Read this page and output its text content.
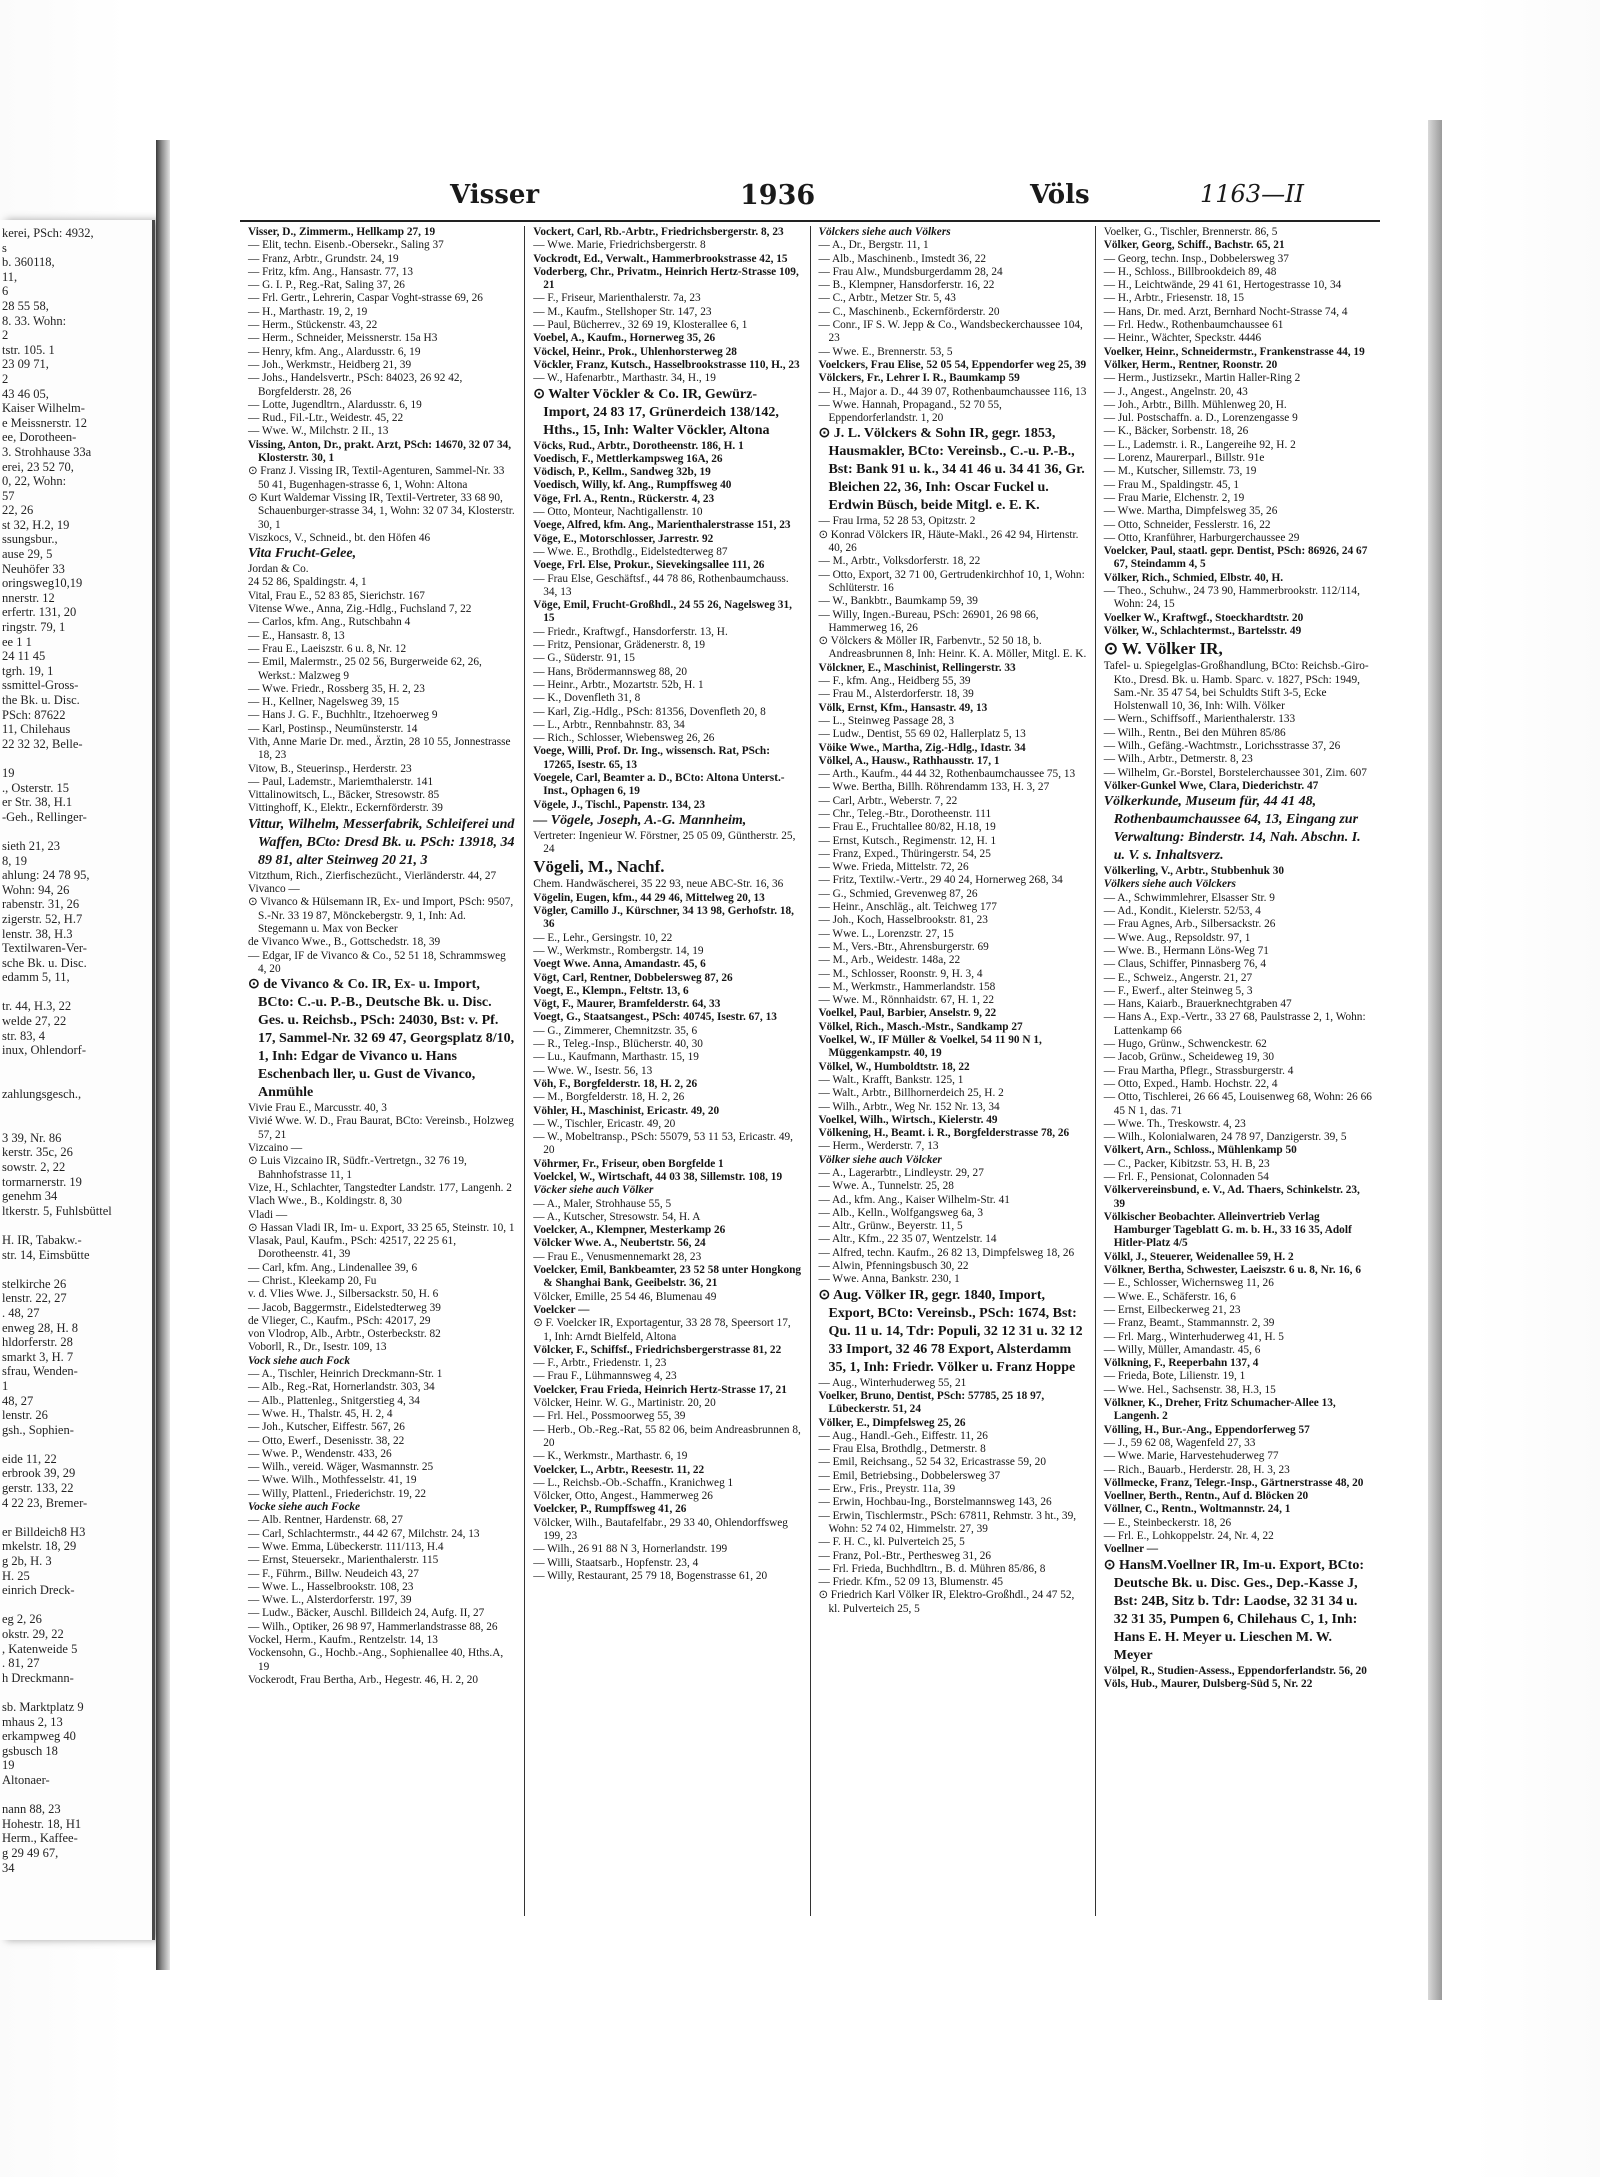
kerei, PSch: 4932,
s
b. 360118,
11,
6
28 55 58,
8. 33. Wohn:
2
tstr. 105. 1
23 09 71,
2
43 46 05,
Kaiser Wilhelm-
e Meissnerstr. 12
ee, Dorotheen-
3. Strohhause 33a
erei, 23 52 70,
0, 22, Wohn:
57
22, 26
st 32, H.2, 19
ssungsbur.,
ause 29, 5
Neuhöfer 33
oringsweg10,19
nnerstr. 12
erfertr. 131, 20
ringstr. 79, 1
ee 1 1
24 11 45
tgrh. 19, 1
ssmittel-Gross-
the Bk. u. Disc.
PSch: 87622
11, Chilehaus
22 32 32, Belle-

19
., Osterstr. 15
er Str. 38, H.1
-Geh., Rellinger-

sieth 21, 23
8, 19
ahlung: 24 78 95,
Wohn: 94, 26
rabenstr. 31, 26
zigerstr. 52, H.7
lenstr. 38, H.3
Textilwaren-Ver-
sche Bk. u. Disc.
edamm 5, 11,

tr. 44, H.3, 22
welde 27, 22
str. 83, 4
inux, Ohlendorf-

zahlungsgesch.,

3 39, Nr. 86
kerstr. 35c, 26
sowstr. 2, 22
tormarnerstr. 19
genehm 34
ltkerstr. 5, Fuhlsbüttel

H. IR, Tabakw.-
str. 14, Eimsbütte

stelkirche 26
lenstr. 22, 27
. 48, 27
enweg 28, H. 8
hldorferstr. 28
smarkt 3, H. 7
sfrau, Wenden-
1
48, 27
lenstr. 26
gsh., Sophien-

eide 11, 22
erbrook 39, 29
gerstr. 133, 22
4 22 23, Bremer-

er Billdeich8 H3
mkelstr. 18, 29
g 2b, H. 3
H. 25
einrich Dreck-

eg 2, 26
okstr. 29, 22
, Katenweide 5
. 81, 27
h Dreckmann-

sb. Marktplatz 9
mhaus 2, 13
erkampweg 40
gsbusch 18
19
Altonaer-

nann 88, 23
Hohestr. 18, H1
Herm., Kaffee-
g 29 49 67,
34
Visser	1936	Völs	1163—II
Visser, D., Zimmerm., Hellkamp 27, 19
— Elit, techn. Eisenb.-Obersekr., Saling 37
— Franz, Arbtr., Grundstr. 24, 19
— Fritz, kfm. Ang., Hansastr. 77, 13
— G. I. P., Reg.-Rat, Saling 37, 26
— Frl. Gertr., Lehrerin, Caspar Voght-strasse 69, 26
— H., Marthastr. 19, 2, 19
— Herm., Stückenstr. 43, 22
— Herm., Schneider, Meissnerstr. 15a H3
— Henry, kfm. Ang., Alardusstr. 6, 19
— Joh., Werkmstr., Heidberg 21, 39
— Johs., Handelsvertr., PSch: 84023, 26 92 42, Borgfelderstr. 28, 26
— Lotte, Jugendltrn., Alardusstr. 6, 19
— Rud., Fil.-Ltr., Weidestr. 45, 22
— Wwe. W., Milchstr. 2 II., 13
Vissing, Anton, Dr., prakt. Arzt, PSch: 14670, 32 07 34, Klosterstr. 30, 1
⊙ Franz J. Vissing IR, Textil-Agenturen, Sammel-Nr. 33 50 41, Bugenhagen-strasse 6, 1, Wohn: Altona
⊙ Kurt Waldemar Vissing IR, Textil-Vertreter, 33 68 90, Schauenburger-strasse 34, 1, Wohn: 32 07 34, Klosterstr. 30, 1
Viszkocs, V., Schneid., bt. den Höfen 46
Vita Frucht-Gelee,
Jordan & Co.
24 52 86, Spaldingstr. 4, 1
Vital, Frau E., 52 83 85, Sierichstr. 167
Vitense Wwe., Anna, Zig.-Hdlg., Fuchsland 7, 22
— Carlos, kfm. Ang., Rutschbahn 4
— E., Hansastr. 8, 13
— Frau E., Laeiszstr. 6 u. 8, Nr. 12
— Emil, Malermstr., 25 02 56, Burgerweide 62, 26, Werkst.: Malzweg 9
— Wwe. Friedr., Rossberg 35, H. 2, 23
— H., Kellner, Nagelsweg 39, 15
— Hans J. G. F., Buchhltr., Itzehoerweg 9
— Karl, Postinsp., Neumünsterstr. 14
Vith, Anne Marie Dr. med., Ärztin, 28 10 55, Jonnestrasse 18, 23
Vitow, B., Steuerinsp., Herderstr. 23
— Paul, Lademstr., Mariemthalerstr. 141
Vittalinowitsch, L., Bäcker, Stresowstr. 85
Vittinghoff, K., Elektr., Eckernförderstr. 39
Vittur, Wilhelm, Messerfabrik, Schleiferei und Waffen, BCto: Dresd Bk. u. PSch: 13918, 34 89 81, alter Steinweg 20 21, 3
Vitzthum, Rich., Zierfischezücht., Vierländerstr. 44, 27
Vivanco —
⊙ Vivanco & Hülsemann IR, Ex- und Import, PSch: 9507, S.-Nr. 33 19 87, Mönckebergstr. 9, 1, Inh: Ad. Stegemann u. Max von Becker
de Vivanco Wwe., B., Gottschedstr. 18, 39
— Edgar, IF de Vivanco & Co., 52 51 18, Schrammsweg 4, 20
⊙ de Vivanco & Co. IR, Ex- u. Import, BCto: C.-u. P.-B., Deutsche Bk. u. Disc. Ges. u. Reichsb., PSch: 24030, Bst: v. Pf. 17, Sammel-Nr. 32 69 47, Georgsplatz 8/10, 1, Inh: Edgar de Vivanco u. Hans Eschenbach ller, u. Gust de Vivanco, Anmühle
Vivie Frau E., Marcusstr. 40, 3
Vivié Wwe. W. D., Frau Baurat, BCto: Vereinsb., Holzweg 57, 21
Vizcaino —
⊙ Luis Vizcaino IR, Südfr.-Vertretgn., 32 76 19, Bahnhofstrasse 11, 1
Vize, H., Schlachter, Tangstedter Landstr. 177, Langenh. 2
Vlach Wwe., B., Koldingstr. 8, 30
Vladi —
⊙ Hassan Vladi IR, Im- u. Export, 33 25 65, Steinstr. 10, 1
Vlasak, Paul, Kaufm., PSch: 42517, 22 25 61, Dorotheenstr. 41, 39
— Carl, kfm. Ang., Lindenallee 39, 6
— Christ., Kleekamp 20, Fu
v. d. Vlies Wwe. J., Silbersackstr. 50, H. 6
— Jacob, Baggermstr., Eidelstedterweg 39
de Vlieger, C., Kaufm., PSch: 42017, 29
von Vlodrop, Alb., Arbtr., Osterbeckstr. 82
Voborll, R., Dr., Isestr. 109, 13
Vock siehe auch Fock
— A., Tischler, Heinrich Dreckmann-Str. 1
— Alb., Reg.-Rat, Hornerlandstr. 303, 34
— Alb., Plattenleg., Snitgerstieg 4, 34
— Wwe. H., Thalstr. 45, H. 2, 4
— Joh., Kutscher, Eiffestr. 567, 26
— Otto, Ewerf., Desenisstr. 38, 22
— Wwe. P., Wendenstr. 433, 26
— Wilh., vereid. Wäger, Wasmannstr. 25
— Wwe. Wilh., Mothfesselstr. 41, 19
— Willy, Plattenl., Friederichstr. 19, 22
Vocke siehe auch Focke
— Alb. Rentner, Hardenstr. 68, 27
— Carl, Schlachtermstr., 44 42 67, Milchstr. 24, 13
— Wwe. Emma, Lübeckerstr. 111/113, H.4
— Ernst, Steuersekr., Marienthalerstr. 115
— F., Führm., Billw. Neudeich 43, 27
— Wwe. L., Hasselbrookstr. 108, 23
— Wwe. L., Alsterdorferstr. 197, 39
— Ludw., Bäcker, Auschl. Billdeich 24, Aufg. II, 27
— Wilh., Optiker, 26 98 97, Hammerlandstrasse 88, 26
Vockel, Herm., Kaufm., Rentzelstr. 14, 13
Vockensohn, G., Hochb.-Ang., Sophienallee 40, Hths.A, 19
Vockerodt, Frau Bertha, Arb., Hegestr. 46, H. 2, 20
Vockert, Carl, Rb.-Arbtr., Friedrichsbergerstr. 8, 23
— Wwe. Marie, Friedrichsbergerstr. 8
Vockrodt, Ed., Verwalt., Hammerbrookstrasse 42, 15
Voderberg, Chr., Privatm., Heinrich Hertz-Strasse 109, 21
— F., Friseur, Marienthalerstr. 7a, 23
— M., Kaufm., Stellshoper Str. 147, 23
— Paul, Bücherrev., 32 69 19, Klosterallee 6, 1
Voebel, A., Kaufm., Hornerweg 35, 26
Vöckel, Heinr., Prok., Uhlenhorsterweg 28
Vöckler, Franz, Kutsch., Hasselbrookstrasse 110, H., 23
— W., Hafenarbtr., Marthastr. 34, H., 19
⊙ Walter Vöckler & Co. IR, Gewürz-Import, 24 83 17, Grünerdeich 138/142, Hths., 15, Inh: Walter Vöckler, Altona
Vöcks, Rud., Arbtr., Dorotheenstr. 186, H. 1
Voedisch, F., Mettlerkampsweg 16A, 26
Vödisch, P., Kellm., Sandweg 32b, 19
Voedisch, Willy, kf. Ang., Rumpffsweg 40
Vöge, Frl. A., Rentn., Rückerstr. 4, 23
— Otto, Monteur, Nachtigallenstr. 10
Voege, Alfred, kfm. Ang., Marienthalerstrasse 151, 23
Vöge, E., Motorschlosser, Jarrestr. 92
— Wwe. E., Brothdlg., Eidelstedterweg 87
Voege, Frl. Else, Prokur., Sievekingsallee 111, 26
— Frau Else, Geschäftsf., 44 78 86, Rothenbaumchauss. 34, 13
Vöge, Emil, Frucht-Großhdl., 24 55 26, Nagelsweg 31, 15
— Friedr., Kraftwgf., Hansdorferstr. 13, H.
— Fritz, Pensionar, Grädenerstr. 8, 19
— G., Süderstr. 91, 15
— Hans, Brödermannsweg 88, 20
— Heinr., Arbtr., Mozartstr. 52b, H. 1
— K., Dovenfleth 31, 8
— Karl, Zig.-Hdlg., PSch: 81356, Dovenfleth 20, 8
— L., Arbtr., Rennbahnstr. 83, 34
— Rich., Schlosser, Wiebensweg 26, 26
Voege, Willi, Prof. Dr. Ing., wissensch. Rat, PSch: 17265, Isestr. 65, 13
Voegele, Carl, Beamter a. D., BCto: Altona Unterst.-Inst., Ophagen 6, 19
Vögele, J., Tischl., Papenstr. 134, 23
— Vögele, Joseph, A.-G. Mannheim,
Vertreter: Ingenieur W. Förstner, 25 05 09, Güntherstr. 25, 24
Vögeli, M., Nachf.
Chem. Handwäscherei, 35 22 93, neue ABC-Str. 16, 36
Vögelin, Eugen, kfm., 44 29 46, Mittelweg 20, 13
Vögler, Camillo J., Kürschner, 34 13 98, Gerhofstr. 18, 36
— E., Lehr., Gersingstr. 10, 22
— W., Werkmstr., Rombergstr. 14, 19
Voegt Wwe. Anna, Amandastr. 45, 6
Vögt, Carl, Rentner, Dobbelersweg 87, 26
Voegt, E., Klempn., Feltstr. 13, 6
Vögt, F., Maurer, Bramfelderstr. 64, 33
Voegt, G., Staatsangest., PSch: 40745, Isestr. 67, 13
— G., Zimmerer, Chemnitzstr. 35, 6
— R., Teleg.-Insp., Blücherstr. 40, 30
— Lu., Kaufmann, Marthastr. 15, 19
— Wwe. W., Isestr. 56, 13
Vöh, F., Borgfelderstr. 18, H. 2, 26
— M., Borgfelderstr. 18, H. 2, 26
Vöhler, H., Maschinist, Ericastr. 49, 20
— W., Tischler, Ericastr. 49, 20
— W., Mobeltransp., PSch: 55079, 53 11 53, Ericastr. 49, 20
Vöhrmer, Fr., Friseur, oben Borgfelde 1
Voelckel, W., Wirtschaft, 44 03 38, Sillemstr. 108, 19
Vöcker siehe auch Völker
— A., Maler, Strohhause 55, 5
— A., Kutscher, Stresowstr. 54, H. A
Voelcker, A., Klempner, Mesterkamp 26
Völcker Wwe. A., Neubertstr. 56, 24
— Frau E., Venusmennemarkt 28, 23
Voelcker, Emil, Bankbeamter, 23 52 58 unter Hongkong & Shanghai Bank, Geeibelstr. 36, 21
Völcker, Emille, 25 54 46, Blumenau 49
Voelcker —
⊙ F. Voelcker IR, Exportagentur, 33 28 78, Speersort 17, 1, Inh: Arndt Bielfeld, Altona
Völcker, F., Schiffsf., Friedrichsbergerstrasse 81, 22
— F., Arbtr., Friedenstr. 1, 23
— Frau F., Lühmannsweg 4, 23
Voelcker, Frau Frieda, Heinrich Hertz-Strasse 17, 21
Völcker, Heinr. W. G., Martinistr. 20, 20
— Frl. Hel., Possmoorweg 55, 39
— Herb., Ob.-Reg.-Rat, 55 82 06, beim Andreasbrunnen 8, 20
— K., Werkmstr., Marthastr. 6, 19
Voelcker, L., Arbtr., Reesestr. 11, 22
— L., Reichsb.-Ob.-Schaffn., Kranichweg 1
Völcker, Otto, Angest., Hammerweg 26
Voelcker, P., Rumpffsweg 41, 26
Völcker, Wilh., Bautafelfabr., 29 33 40, Ohlendorffsweg 199, 23
— Wilh., 26 91 88 N 3, Hornerlandstr. 199
— Willi, Staatsarb., Hopfenstr. 23, 4
— Willy, Restaurant, 25 79 18, Bogenstrasse 61, 20
Völckers siehe auch Völkers
— A., Dr., Bergstr. 11, 1
— Alb., Maschinenb., Imstedt 36, 22
— Frau Alw., Mundsburgerdamm 28, 24
— B., Klempner, Hansdorferstr. 16, 22
— C., Arbtr., Metzer Str. 5, 43
— C., Maschinenb., Eckernförderstr. 20
— Conr., IF S. W. Jepp & Co., Wandsbeckerchaussee 104, 23
— Wwe. E., Brennerstr. 53, 5
Voelckers, Frau Elise, 52 05 54, Eppendorfer weg 25, 39
Völckers, Fr., Lehrer I. R., Baumkamp 59
— H., Major a. D., 44 39 07, Rothenbaumchaussee 116, 13
— Wwe. Hannah, Propagand., 52 70 55, Eppendorferlandstr. 1, 20
⊙ J. L. Völckers & Sohn IR, gegr. 1853, Hausmakler, BCto: Vereinsb., C.-u. P.-B., Bst: Bank 91 u. k., 34 41 46 u. 34 41 36, Gr. Bleichen 22, 36, Inh: Oscar Fuckel u. Erdwin Büsch, beide Mitgl. e. E. K.
— Frau Irma, 52 28 53, Opitzstr. 2
⊙ Konrad Völckers IR, Häute-Makl., 26 42 94, Hirtenstr. 40, 26
— M., Arbtr., Volksdorferstr. 18, 22
— Otto, Export, 32 71 00, Gertrudenkirchhof 10, 1, Wohn: Schlüterstr. 16
— W., Bankbtr., Baumkamp 59, 39
— Willy, Ingen.-Bureau, PSch: 26901, 26 98 66, Hammerweg 16, 26
⊙ Völckers & Möller IR, Farbenvtr., 52 50 18, b. Andreasbrunnen 8, Inh: Heinr. K. A. Möller, Mitgl. E. K.
Völckner, E., Maschinist, Rellingerstr. 33
— F., kfm. Ang., Heidberg 55, 39
— Frau M., Alsterdorferstr. 18, 39
Völk, Ernst, Kfm., Hansastr. 49, 13
— L., Steinweg Passage 28, 3
— Ludw., Dentist, 55 69 02, Hallerplatz 5, 13
Vöike Wwe., Martha, Zig.-Hdlg., Idastr. 34
Völkel, A., Hausw., Rathhausstr. 17, 1
— Arth., Kaufm., 44 44 32, Rothenbaumchaussee 75, 13
— Wwe. Bertha, Billh. Röhrendamm 133, H. 3, 27
— Carl, Arbtr., Weberstr. 7, 22
— Chr., Teleg.-Btr., Dorotheenstr. 111
— Frau E., Fruchtallee 80/82, H.18, 19
— Ernst, Kutsch., Regimenstr. 12, H. 1
— Franz, Exped., Thüringerstr. 54, 25
— Wwe. Frieda, Mittelstr. 72, 26
— Fritz, Textilw.-Vertr., 29 40 24, Hornerweg 268, 34
— G., Schmied, Grevenweg 87, 26
— Heinr., Anschläg., alt. Teichweg 177
— Joh., Koch, Hasselbrookstr. 81, 23
— Wwe. L., Lorenzstr. 27, 15
— M., Vers.-Btr., Ahrensburgerstr. 69
— M., Arb., Weidestr. 148a, 22
— M., Schlosser, Roonstr. 9, H. 3, 4
— M., Werkmstr., Hammerlandstr. 158
— Wwe. M., Rönnhaidstr. 67, H. 1, 22
Voelkel, Paul, Barbier, Anselstr. 9, 22
Völkel, Rich., Masch.-Mstr., Sandkamp 27
Voelkel, W., IF Müller & Voelkel, 54 11 90 N 1, Müggenkampstr. 40, 19
Völkel, W., Humboldtstr. 18, 22
— Walt., Krafft, Bankstr. 125, 1
— Walt., Arbtr., Billhornerdeich 25, H. 2
— Wilh., Arbtr., Weg Nr. 152 Nr. 13, 34
Voelkel, Wilh., Wirtsch., Kielerstr. 49
Völkening, H., Beamt. i. R., Borgfelderstrasse 78, 26
— Herm., Werderstr. 7, 13
Völker siehe auch Völcker
— A., Lagerarbtr., Lindleystr. 29, 27
— Wwe. A., Tunnelstr. 25, 28
— Ad., kfm. Ang., Kaiser Wilhelm-Str. 41
— Alb., Kelln., Wolfgangsweg 6a, 3
— Altr., Grünw., Beyerstr. 11, 5
— Altr., Kfm., 22 35 07, Wentzelstr. 14
— Alfred, techn. Kaufm., 26 82 13, Dimpfelsweg 18, 26
— Alwin, Pfenningsbusch 30, 22
— Wwe. Anna, Bankstr. 230, 1
⊙ Aug. Völker IR, gegr. 1840, Import, Export, BCto: Vereinsb., PSch: 1674, Bst: Qu. 11 u. 14, Tdr: Populi, 32 12 31 u. 32 12 33 Import, 32 46 78 Export, Alsterdamm 35, 1, Inh: Friedr. Völker u. Franz Hoppe
— Aug., Winterhuderweg 55, 21
Voelker, Bruno, Dentist, PSch: 57785, 25 18 97, Lübeckerstr. 51, 24
Völker, E., Dimpfelsweg 25, 26
— Aug., Handl.-Geh., Eiffestr. 11, 26
— Frau Elsa, Brothdlg., Detmerstr. 8
— Emil, Reichsang., 52 54 32, Ericastrasse 59, 20
— Emil, Betriebsing., Dobbelersweg 37
— Erw., Fris., Preystr. 11a, 39
— Erwin, Hochbau-Ing., Borstelmannsweg 143, 26
— Erwin, Tischlermstr., PSch: 67811, Rehmstr. 3 ht., 39, Wohn: 52 74 02, Himmelstr. 27, 39
— F. H. C., kl. Pulverteich 25, 5
— Franz, Pol.-Btr., Perthesweg 31, 26
— Frl. Frieda, Buchhdltrn., B. d. Mühren 85/86, 8
— Friedr. Kfm., 52 09 13, Blumenstr. 45
⊙ Friedrich Karl Völker IR, Elektro-Großhdl., 24 47 52, kl. Pulverteich 25, 5
Voelker, G., Tischler, Brennerstr. 86, 5
Völker, Georg, Schiff., Bachstr. 65, 21
— Georg, techn. Insp., Dobbelersweg 37
— H., Schloss., Billbrookdeich 89, 48
— H., Leichtwände, 29 41 61, Hertogestrasse 10, 34
— H., Arbtr., Friesenstr. 18, 15
— Hans, Dr. med. Arzt, Bernhard Nocht-Strasse 74, 4
— Frl. Hedw., Rothenbaumchaussee 61
— Heinr., Wächter, Speckstr. 4446
Voelker, Heinr., Schneidermstr., Frankenstrasse 44, 19
Völker, Herm., Rentner, Roonstr. 20
— Herm., Justizsekr., Martin Haller-Ring 2
— J., Angest., Angelnstr. 20, 43
— Joh., Arbtr., Billh. Mühlenweg 20, H.
— Jul. Postschaffn. a. D., Lorenzengasse 9
— K., Bäcker, Sorbenstr. 18, 26
— L., Lademstr. i. R., Langereihe 92, H. 2
— Lorenz, Maurerparl., Billstr. 91e
— M., Kutscher, Sillemstr. 73, 19
— Frau M., Spaldingstr. 45, 1
— Frau Marie, Elchenstr. 2, 19
— Wwe. Martha, Dimpfelsweg 35, 26
— Otto, Schneider, Fesslerstr. 16, 22
— Otto, Kranführer, Harburgerchaussee 29
Voelcker, Paul, staatl. gepr. Dentist, PSch: 86926, 24 67 67, Steindamm 4, 5
Völker, Rich., Schmied, Elbstr. 40, H.
— Theo., Schuhw., 24 73 90, Hammerbrookstr. 112/114, Wohn: 24, 15
Voelker W., Kraftwgf., Stoeckhardtstr. 20
Völker, W., Schlachtermst., Bartelsstr. 49
⊙ W. Völker IR,
Tafel- u. Spiegelglas-Großhandlung, BCto: Reichsb.-Giro-Kto., Dresd. Bk. u. Hamb. Sparc. v. 1827, PSch: 1949, Sam.-Nr. 35 47 54, bei Schuldts Stift 3-5, Ecke Holstenwall 10, 36, Inh: Wilh. Völker
— Wern., Schiffsoff., Marienthalerstr. 133
— Wilh., Rentn., Bei den Mühren 85/86
— Wilh., Gefäng.-Wachtmstr., Lorichsstrasse 37, 26
— Wilh., Arbtr., Detmerstr. 8, 23
— Wilhelm, Gr.-Borstel, Borstelerchaussee 301, Zim. 607
Völker-Gunkel Wwe, Clara, Diederichstr. 47
Völkerkunde, Museum für, 44 41 48, Rothenbaumchaussee 64, 13, Eingang zur Verwaltung: Binderstr. 14, Nah. Abschn. I. u. V. s. Inhaltsverz.
Völkerling, V., Arbtr., Stubbenhuk 30
Völkers siehe auch Völckers
— A., Schwimmlehrer, Elsasser Str. 9
— Ad., Kondit., Kielerstr. 52/53, 4
— Frau Agnes, Arb., Silbersackstr. 26
— Wwe. Aug., Repsoldstr. 97, 1
— Wwe. B., Hermann Löns-Weg 71
— Claus, Schiffer, Pinnasberg 76, 4
— E., Schweiz., Angerstr. 21, 27
— F., Ewerf., alter Steinweg 5, 3
— Hans, Kaiarb., Brauerknechtgraben 47
— Hans A., Exp.-Vertr., 33 27 68, Paulstrasse 2, 1, Wohn: Lattenkamp 66
— Hugo, Grünw., Schwenckestr. 62
— Jacob, Grünw., Scheideweg 19, 30
— Frau Martha, Pflegr., Strassburgerstr. 4
— Otto, Exped., Hamb. Hochstr. 22, 4
— Otto, Tischlerei, 26 66 45, Louisenweg 68, Wohn: 26 66 45 N 1, das. 71
— Wwe. Th., Treskowstr. 4, 23
— Wilh., Kolonialwaren, 24 78 97, Danzigerstr. 39, 5
Völkert, Arn., Schloss., Mühlenkamp 50
— C., Packer, Kibitzstr. 53, H. B, 23
— Frl. F., Pensionat, Colonnaden 54
Völkervereinsbund, e. V., Ad. Thaers, Schinkelstr. 23, 39
Völkischer Beobachter. Alleinvertrieb Verlag Hamburger Tageblatt G. m. b. H., 33 16 35, Adolf Hitler-Platz 4/5
Völkl, J., Steuerer, Weidenallee 59, H. 2
Völkner, Bertha, Schwester, Laeiszstr. 6 u. 8, Nr. 16, 6
— E., Schlosser, Wichernsweg 11, 26
— Wwe. E., Schäferstr. 16, 6
— Ernst, Eilbeckerweg 21, 23
— Franz, Beamt., Stammannstr. 2, 39
— Frl. Marg., Winterhuderweg 41, H. 5
— Willy, Müller, Amandastr. 45, 6
Völkning, F., Reeperbahn 137, 4
— Frieda, Bote, Lilienstr. 19, 1
— Wwe. Hel., Sachsenstr. 38, H.3, 15
Völkner, K., Dreher, Fritz Schumacher-Allee 13, Langenh. 2
Völling, H., Bur.-Ang., Eppendorferweg 57
— J., 59 62 08, Wagenfeld 27, 33
— Wwe. Marie, Harvestehuderweg 77
— Rich., Bauarb., Herderstr. 28, H. 3, 23
Völlmecke, Franz, Telegr.-Insp., Gärtnerstrasse 48, 20
Voellner, Berth., Rentn., Auf d. Blöcken 20
Völlner, C., Rentn., Woltmannstr. 24, 1
— E., Steinbeckerstr. 18, 26
— Frl. E., Lohkoppelstr. 24, Nr. 4, 22
Voellner —
⊙ HansM.Voellner IR, Im-u. Export, BCto: Deutsche Bk. u. Disc. Ges., Dep.-Kasse J, Bst: 24B, Sitz b. Tdr: Laodse, 32 31 34 u. 32 31 35, Pumpen 6, Chilehaus C, 1, Inh: Hans E. H. Meyer u. Lieschen M. W. Meyer
Völpel, R., Studien-Assess., Eppendorferlandstr. 56, 20
Völs, Hub., Maurer, Dulsberg-Süd 5, Nr. 22
